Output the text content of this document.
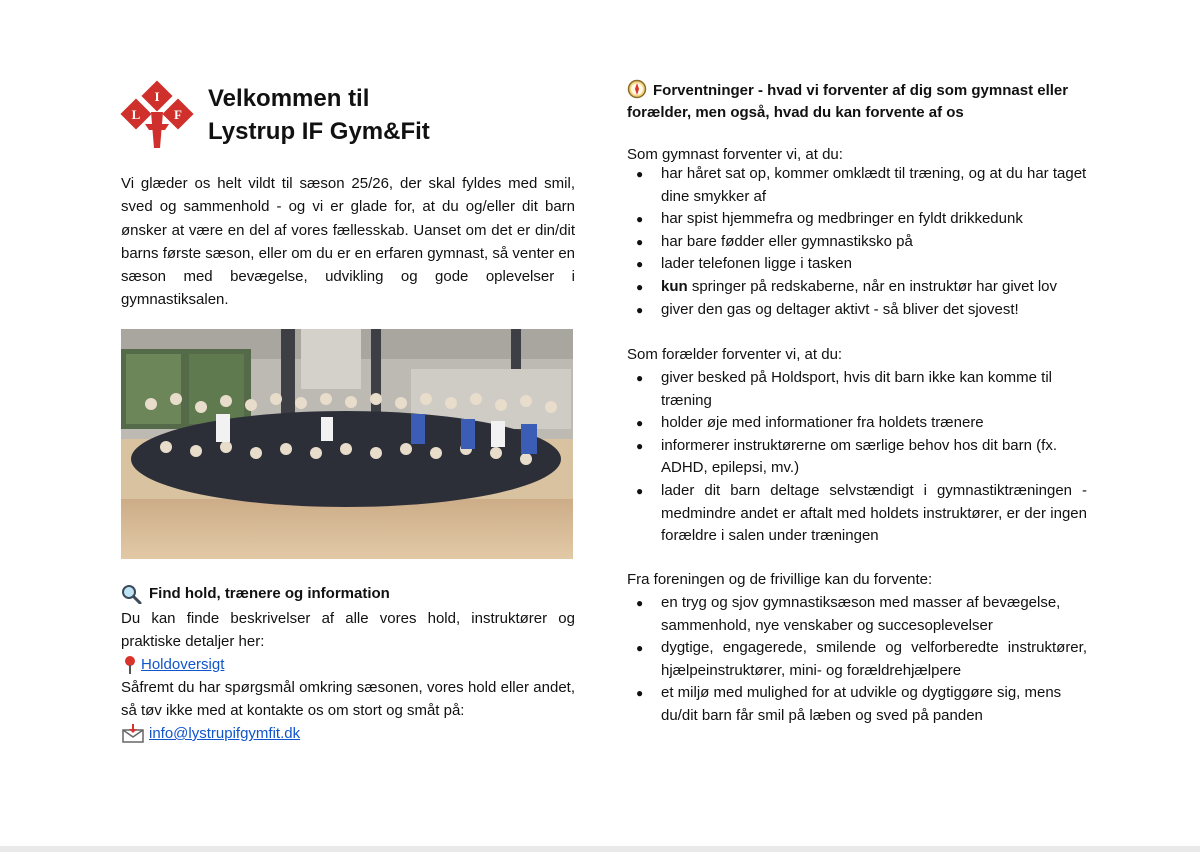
L
I
F
Velkommen til
Lystrup IF Gym&Fit
Vi glæder os helt vildt til sæson 25/26, der skal fyldes med smil, sved og sammenhold - og vi er glade for, at du og/eller dit barn ønsker at være en del af vores fællesskab. Uanset om det er din/dit barns første sæson, eller om du er en erfaren gymnast, så venter en sæson med bevægelse, udvikling og gode oplevelser i gymnastiksalen.
Find hold, trænere og information
Du kan finde beskrivelser af alle vores hold, instruktører og praktiske detaljer her:
Holdoversigt
Såfremt du har spørgsmål omkring sæsonen, vores hold eller andet, så tøv ikke med at kontakte os om stort og småt på:
info@lystrupifgymfit.dk
Forventninger - hvad vi forventer af dig som gymnast eller forælder, men også, hvad du kan forvente af os
Som gymnast forventer vi, at du:
● har håret sat op, kommer omklædt til træning, og at du har taget dine smykker af
● har spist hjemmefra og medbringer en fyldt drikkedunk
● har bare fødder eller gymnastiksko på
● lader telefonen ligge i tasken
● kun springer på redskaberne, når en instruktør har givet lov
● giver den gas og deltager aktivt - så bliver det sjovest!
Som forælder forventer vi, at du:
● giver besked på Holdsport, hvis dit barn ikke kan komme til træning
● holder øje med informationer fra holdets trænere
● informerer instruktørerne om særlige behov hos dit barn (fx. ADHD, epilepsi, mv.)
● lader dit barn deltage selvstændigt i gymnastiktræningen - medmindre andet er aftalt med holdets instruktører, er der ingen forældre i salen under træningen
Fra foreningen og de frivillige kan du forvente:
● en tryg og sjov gymnastiksæson med masser af bevægelse, sammenhold, nye venskaber og succesoplevelser
● dygtige, engagerede, smilende og velforberedte instruktører, hjælpeinstruktører, mini- og forældrehjælpere
● et miljø med mulighed for at udvikle og dygtiggøre sig, mens du/dit barn får smil på læben og sved på panden
